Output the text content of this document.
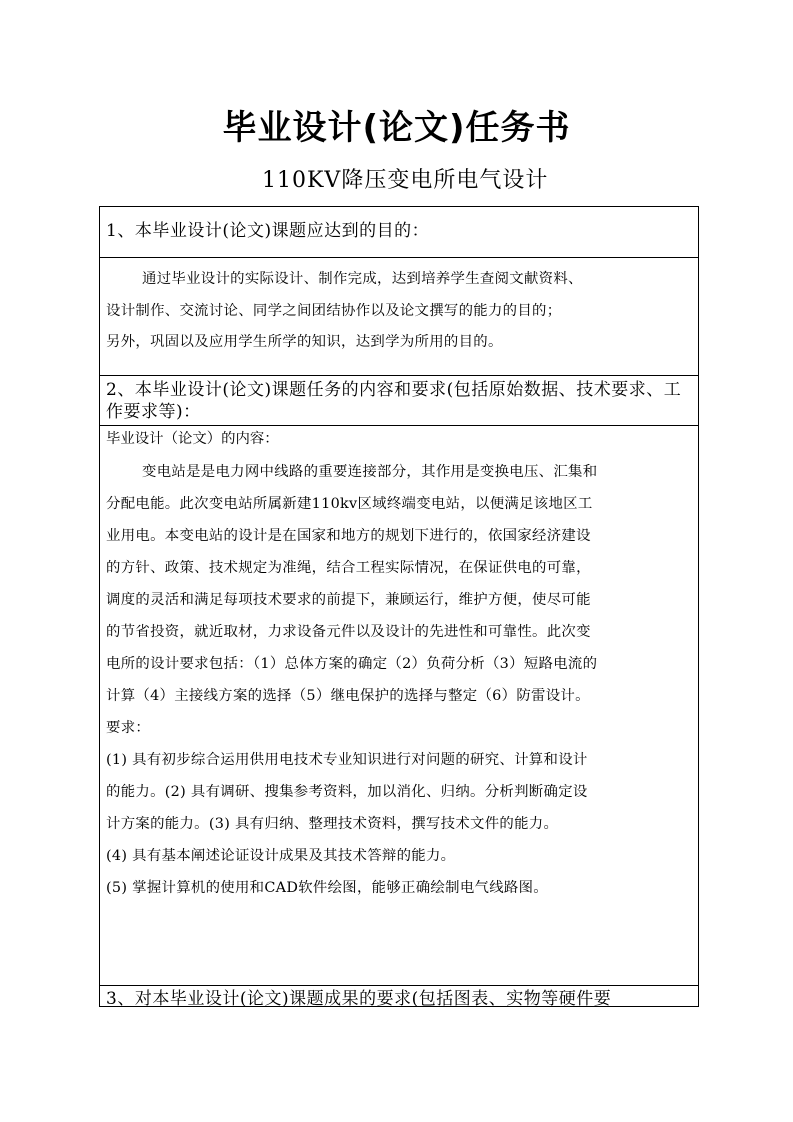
毕业设计(论文)任务书
110KV降压变电所电气设计
1、本毕业设计(论文)课题应达到的目的：
通过毕业设计的实际设计、制作完成，达到培养学生查阅文献资料、
设计制作、交流讨论、同学之间团结协作以及论文撰写的能力的目的；
另外，巩固以及应用学生所学的知识，达到学为所用的目的。
2、本毕业设计(论文)课题任务的内容和要求(包括原始数据、技术要求、工作要求等)：
毕业设计（论文）的内容：
变电站是是电力网中线路的重要连接部分，其作用是变换电压、汇集和
分配电能。此次变电站所属新建110kv区域终端变电站，以便满足该地区工
业用电。本变电站的设计是在国家和地方的规划下进行的，依国家经济建设
的方针、政策、技术规定为准绳，结合工程实际情况，在保证供电的可靠，
调度的灵活和满足每项技术要求的前提下，兼顾运行，维护方便，使尽可能
的节省投资，就近取材，力求设备元件以及设计的先进性和可靠性。此次变
电所的设计要求包括：（1）总体方案的确定（2）负荷分析（3）短路电流的
计算（4）主接线方案的选择（5）继电保护的选择与整定（6）防雷设计。
要求：
(1) 具有初步综合运用供用电技术专业知识进行对问题的研究、计算和设计
的能力。(2) 具有调研、搜集参考资料，加以消化、归纳。分析判断确定设
计方案的能力。(3) 具有归纳、整理技术资料，撰写技术文件的能力。
(4) 具有基本阐述论证设计成果及其技术答辩的能力。
(5) 掌握计算机的使用和CAD软件绘图，能够正确绘制电气线路图。
3、对本毕业设计(论文)课题成果的要求(包括图表、实物等硬件要
